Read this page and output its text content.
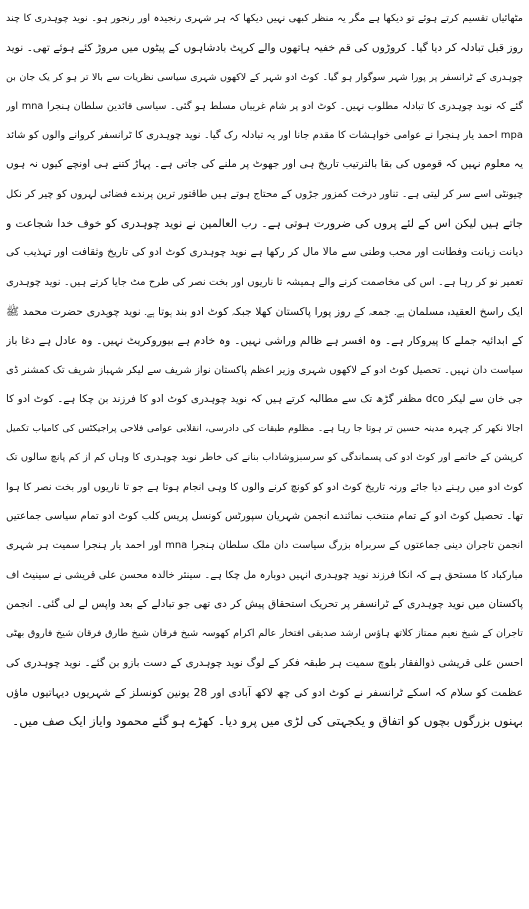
مٹھائیاں تقسیم کرتے ہوئے تو دیکھا ہے مگر یہ منظر کبھی نہیں دیکھا کہ ہر شہری رنجیدہ اور رنجور ہو۔ نوید چوہدری کا چند
روز قبل تبادلہ کر دیا گیا۔ کروڑوں کی قم خفیہ ہاتھوں والے کرپٹ بادشاہوں کے پیٹوں میں مروڑ کئے ہوئے تھی۔ نوید
چوہدری کے ٹرانسفر پر پورا شہر سوگوار ہو گیا۔ کوٹ ادو شہر کے لاکھوں شہری سیاسی نظریات سے بالا تر ہو کر یک جان بن
گئے کہ نوید چوہدری کا تبادلہ مطلوب نہیں۔ کوٹ ادو پر شام غریباں مسلط ہو گئی۔ سیاسی قائدین سلطان ہنجرا mna اور
mpa احمد یار ہنجرا نے عوامی خواہشات کا مقدم جانا اور یہ تبادلہ رک گیا۔ نوید چوہدری کا ٹرانسفر کروانے والوں کو شائد
یہ معلوم نہیں کہ قوموں کی بقا بالترتیب تاریخ ہی اور جھوٹ پر ملنے کی جاتی ہے۔ پہاڑ کتنے ہی اونچے کیوں نہ ہوں
چیونٹی اسے سر کر لیتی ہے۔ تناور درخت کمزور جڑوں کے محتاج ہوتے ہیں طاقتور ترین پرندے فضائی لہروں کو چیر کر نکل
جاتے ہیں لیکن اس کے لئے پروں کی ضرورت ہوتی ہے۔ رب العالمین نے نوید چوہدری کو خوف خدا شجاعت و
دیانت زبانت وفطانت اور محب وطنی سے مالا مال کر رکھا ہے نوید چوہدری کوٹ ادو کی تاریخ وثقافت اور تہذیب کی
تعمیر نو کر رہا ہے۔ اس کی مخاصمت کرنے والے ہمیشہ تا ناریوں اور بخت نصر کی طرح مٹ جایا کرتے ہیں۔ نوید چوہدری
ایک راسخ العقیدہ مسلمان ہے۔ جمعہ کے روز پورا پاکستان کھلا جبکہ کوٹ ادو بند ہوتا ہے۔ نوید چوہدری حضرت محمد ﷺ
کے ابدائیہ جملے کا پیروکار ہے۔ وہ افسر ہے ظالم وراشی نہیں۔ وہ خادم ہے بیوروکریٹ نہیں۔ وہ عادل ہے دغا باز
سیاست دان نہیں۔ تحصیل کوٹ ادو کے لاکھوں شہری وزیر اعظم پاکستان نواز شریف سے لیکر شہباز شریف تک کمشنر ڈی
جی خان سے لیکر dco مظفر گڑھ تک سے مطالبہ کرتے ہیں کہ نوید چوہدری کوٹ ادو کا فرزند بن چکا ہے۔ کوٹ ادو کا
اجالا نکھر کر چہرہ مدینہ حسین تر ہوتا جا رہا ہے۔ مظلوم طبقات کی دادرسی، انقلابی عوامی فلاحی پراجیکٹس کی کامیاب تکمیل
کرپشن کے خاتمے اور کوٹ ادو کی پسماندگی کو سرسبزوشاداب بنانے کی خاطر نوید چوہدری کا وہاں کم از کم پانچ سالوں تک
کوٹ ادو میں رہنے دیا جائے ورنہ تاریخ کوٹ ادو کو کونچ کرنے والوں کا وہی انجام ہوتا ہے جو تا ناریوں اور بخت نصر کا ہوا
تھا۔ تحصیل کوٹ ادو کے تمام منتخب نمائندے انجمن شہریان سپورٹس کونسل پریس کلب کوٹ ادو تمام سیاسی جماعتیں
انجمن تاجران دینی جماعتوں کے سربراہ بزرگ سیاست دان ملک سلطان ہنجرا mna اور احمد یار ہنجرا سمیت ہر شہری
مبارکباد کا مستحق ہے کہ انکا فرزند نوید چوہدری انہیں دوبارہ مل چکا ہے۔ سینئر خالدہ محسن علی قریشی نے سینیٹ اف
پاکستان میں نوید چوہدری کے ٹرانسفر پر تحریک استحقاق پیش کر دی تھی جو تبادلے کے بعد واپس لے لی گئی۔ انجمن
تاجران کے شیخ نعیم ممتاز کلاتھ ہاؤس ارشد صدیقی افتخار عالم اکرام کھوسہ شیخ فرقان شیخ طارق فرقان شیخ فاروق بھٹی
احسن علی قریشی ذوالفقار بلوچ سمیت ہر طبقہ فکر کے لوگ نوید چوہدری کے دست بازو بن گئے۔ نوید چوہدری کی
عظمت کو سلام کہ اسکے ٹرانسفر نے کوٹ ادو کی چھ لاکھ آبادی اور 28 یونین کونسلز کے شہریوں دیہاتیوں ماؤں
بہنوں بزرگوں بچوں کو اتفاق و یکجہتی کی لڑی میں پرو دیا۔ کھڑے ہو گئے محمود وایاز ایک صف میں۔
